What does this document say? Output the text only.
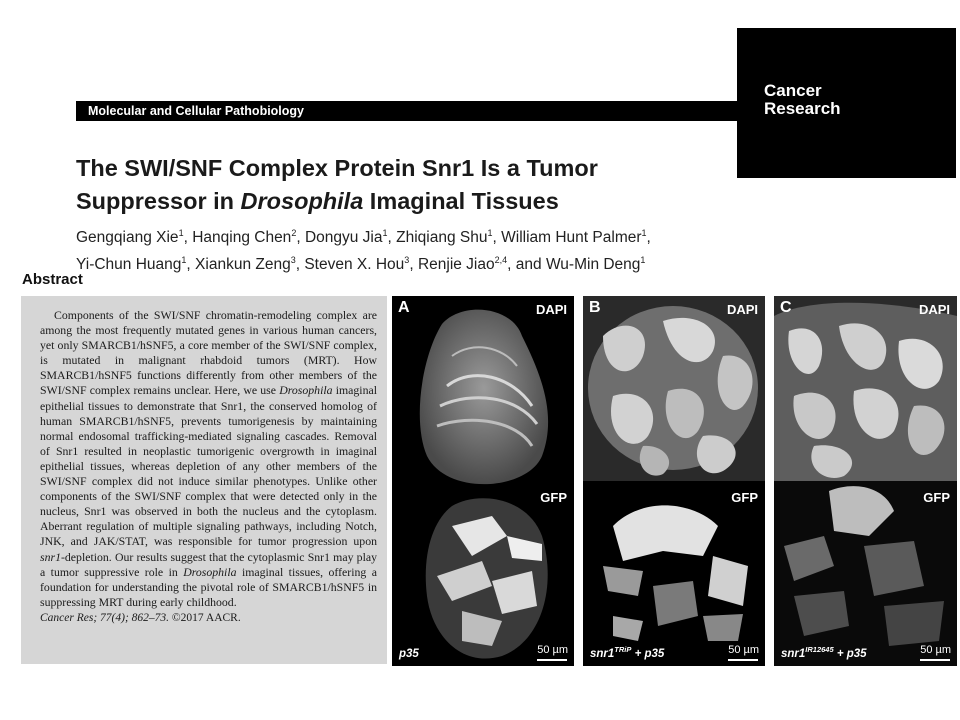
Molecular and Cellular Pathobiology
Cancer
Research
The SWI/SNF Complex Protein Snr1 Is a Tumor
Suppressor in Drosophila Imaginal Tissues
Gengqiang Xie$^1$, Hanqing Chen$^2$, Dongyu Jia$^1$, Zhiqiang Shu$^1$, William Hunt Palmer$^1$,
Yi-Chun Huang$^1$, Xiankun Zeng$^3$, Steven X. Hou$^3$, Renjie Jiao$^{2,4}$, and Wu-Min Deng$^1$
Abstract

Components of the SWI/SNF chromatin-remodeling complex are among the most frequently mutated genes in various human cancers, yet only SMARCB1/hSNF5, a core member of the SWI/SNF complex, is mutated in malignant rhabdoid tumors (MRT). How SMARCB1/hSNF5 functions differently from other members of the SWI/SNF complex remains unclear. Here, we use Drosophila imaginal epithelial tissues to demonstrate that Snr1, the conserved homolog of human SMARCB1/hSNF5, prevents tumorigenesis by maintaining normal endosomal trafficking-mediated signaling cascades. Removal of Snr1 resulted in neoplastic tumorigenic overgrowth in imaginal epithelial tissues, whereas depletion of any other members of the SWI/SNF complex did not induce similar phenotypes. Unlike other components of the SWI/SNF complex that were detected only in the nucleus, Snr1 was observed in both the nucleus and the cytoplasm. Aberrant regulation of multiple signaling pathways, including Notch, JNK, and JAK/STAT, was responsible for tumor progression upon snr1-depletion. Our results suggest that the cytoplasmic Snr1 may play a tumor suppressive role in Drosophila imaginal tissues, offering a foundation for understanding the pivotal role of SMARCB1/hSNF5 in suppressing MRT during early childhood.

Cancer Res; 77(4); 862–73. ©2017 AACR.
A	DAPI
GFP
p35	50 µm
B	DAPI
GFP
$snr1^{TRiP} + p35$	50 µm
C	DAPI
GFP
$snr1^{IR12645} + p35$	50 µm
